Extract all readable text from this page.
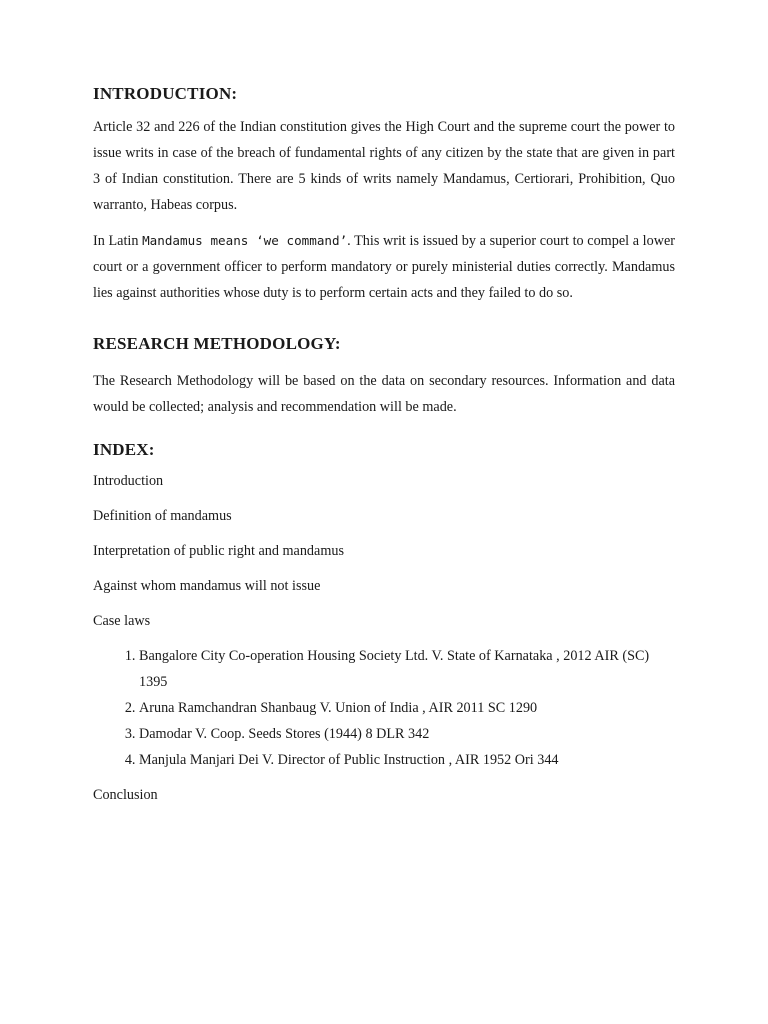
INTRODUCTION:

Article 32 and 226 of the Indian constitution gives the High Court and the supreme court the power to issue writs in case of the breach of fundamental rights of any citizen by the state that are given in part 3 of Indian constitution. There are 5 kinds of writs namely Mandamus, Certiorari, Prohibition, Quo warranto, Habeas corpus.

In Latin Mandamus means ‘we command’. This writ is issued by a superior court to compel a lower court or a government officer to perform mandatory or purely ministerial duties correctly. Mandamus lies against authorities whose duty is to perform certain acts and they failed to do so.

RESEARCH METHODOLOGY:

The Research Methodology will be based on the data on secondary resources. Information and data would be collected; analysis and recommendation will be made.

INDEX:
Introduction
Definition of mandamus
Interpretation of public right and mandamus
Against whom mandamus will not issue
Case laws
1. Bangalore City Co-operation Housing Society Ltd. V. State of Karnataka , 2012 AIR (SC) 1395
2. Aruna Ramchandran Shanbaug V. Union of India , AIR 2011 SC 1290
3. Damodar V. Coop. Seeds Stores (1944) 8 DLR 342
4. Manjula Manjari Dei V. Director of Public Instruction , AIR 1952 Ori 344
Conclusion
